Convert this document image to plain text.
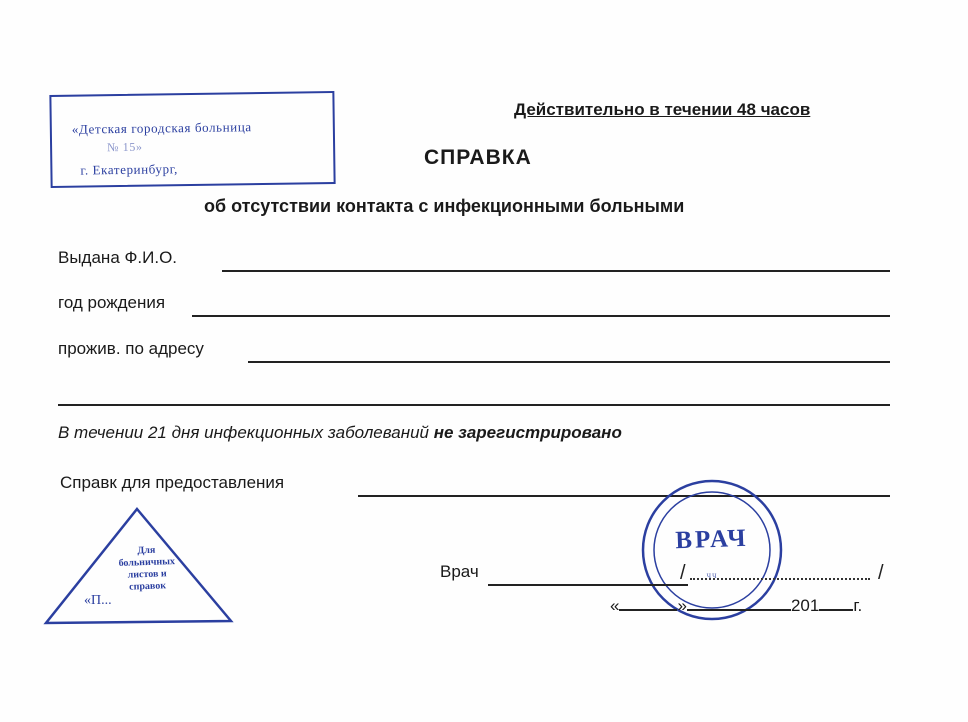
«Детская городская больница
№ 15»
г. Екатеринбург,
Действительно в течении 48 часов
СПРАВКА
об отсутствии контакта с инфекционными больными
Выдана Ф.И.О.
год рождения
прожив. по адресу
В течении 21 дня инфекционных заболеваний не зарегистрировано
Справк для предоставления
Для больничных листов и справок
«П...
ВРАЧ
чч
Врач	/	/
«	»	201 г.
